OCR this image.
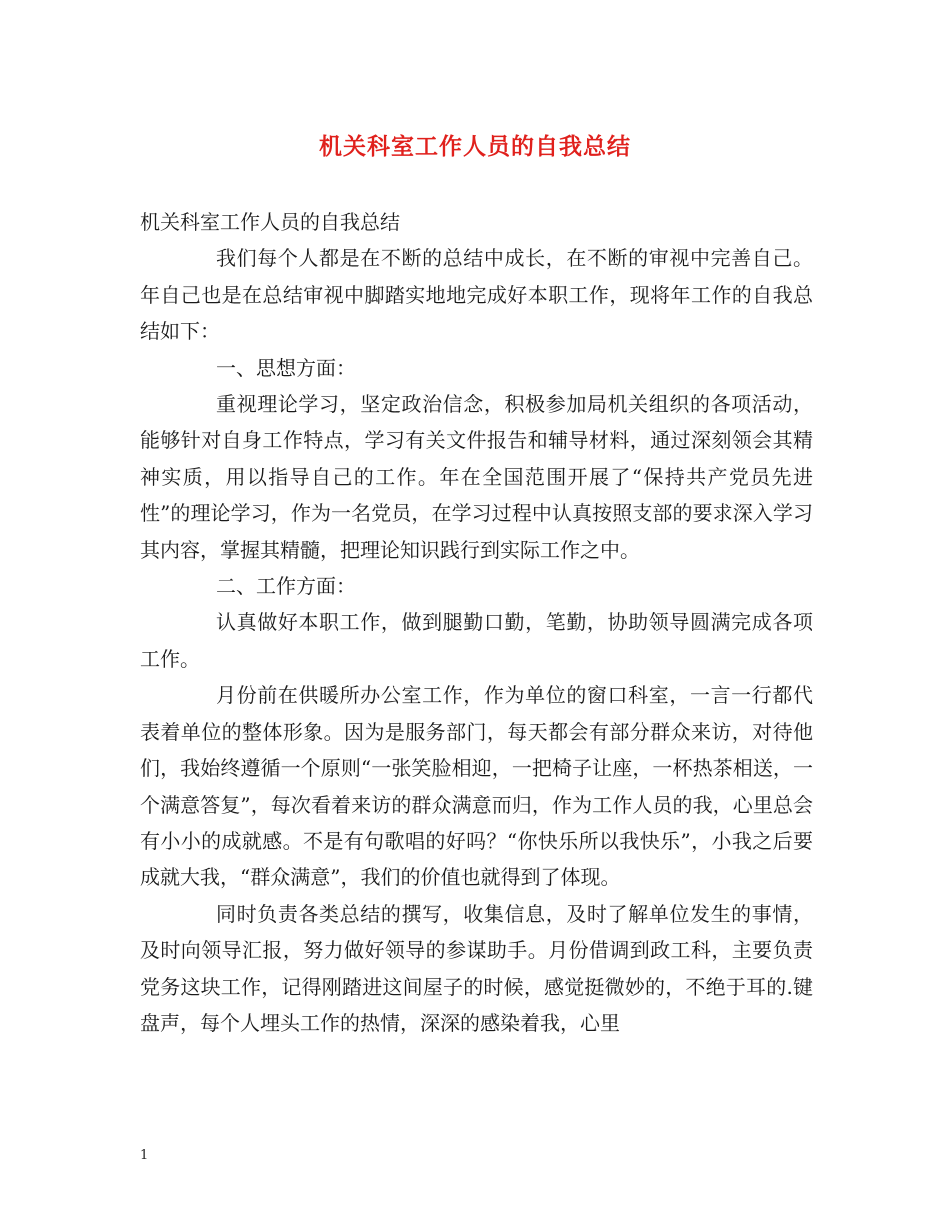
机关科室工作人员的自我总结

机关科室工作人员的自我总结

我们每个人都是在不断的总结中成长，在不断的审视中完善自己。年自己也是在总结审视中脚踏实地地完成好本职工作，现将年工作的自我总结如下：

一、思想方面：

重视理论学习，坚定政治信念，积极参加局机关组织的各项活动，能够针对自身工作特点，学习有关文件报告和辅导材料，通过深刻领会其精神实质，用以指导自己的工作。年在全国范围开展了“保持共产党员先进性”的理论学习，作为一名党员，在学习过程中认真按照支部的要求深入学习其内容，掌握其精髓，把理论知识践行到实际工作之中。

二、工作方面：

认真做好本职工作，做到腿勤口勤，笔勤，协助领导圆满完成各项工作。

月份前在供暖所办公室工作，作为单位的窗口科室，一言一行都代表着单位的整体形象。因为是服务部门，每天都会有部分群众来访，对待他们，我始终遵循一个原则“一张笑脸相迎，一把椅子让座，一杯热茶相送，一个满意答复”，每次看着来访的群众满意而归，作为工作人员的我，心里总会有小小的成就感。不是有句歌唱的好吗？“你快乐所以我快乐”，小我之后要成就大我，“群众满意”，我们的价值也就得到了体现。

同时负责各类总结的撰写，收集信息，及时了解单位发生的事情，及时向领导汇报，努力做好领导的参谋助手。月份借调到政工科，主要负责党务这块工作，记得刚踏进这间屋子的时候，感觉挺微妙的，不绝于耳的.键盘声，每个人埋头工作的热情，深深的感染着我，心里

1
